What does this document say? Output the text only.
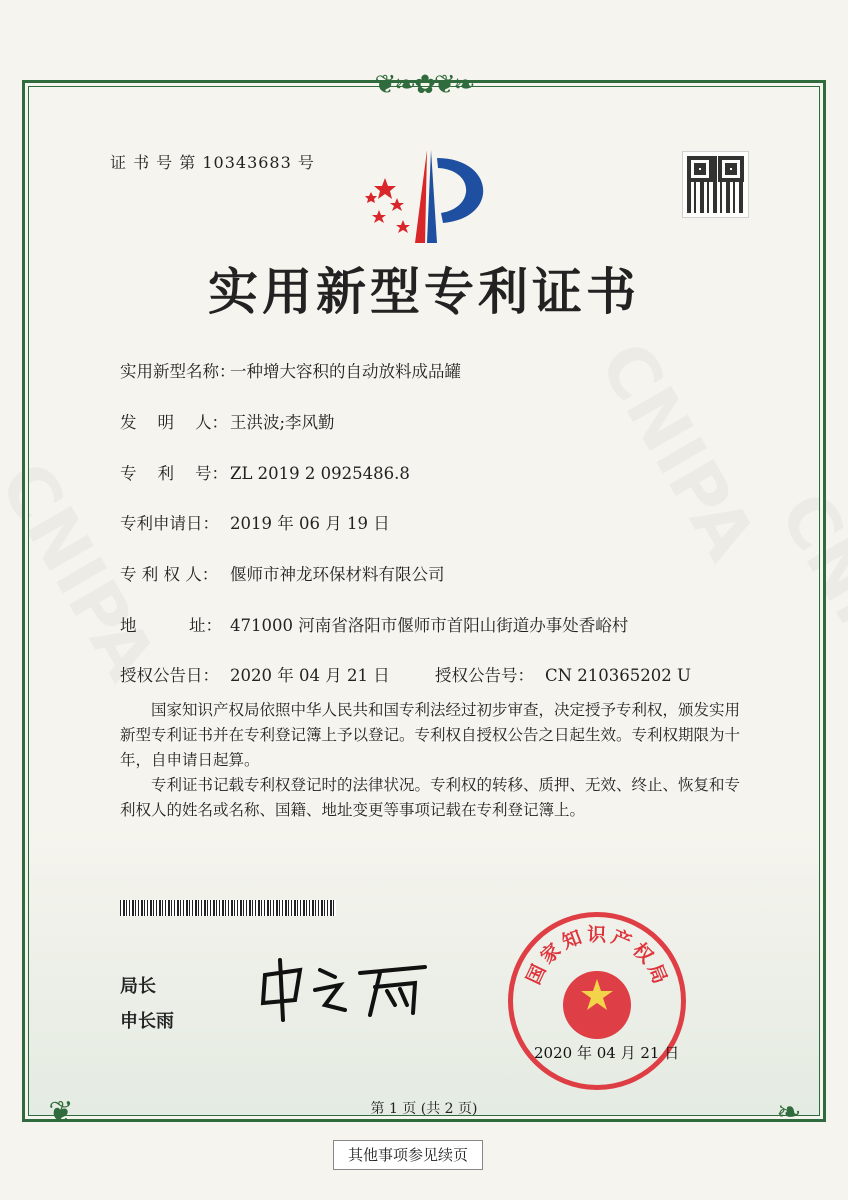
❦❧✿❦❧
❦	❧
证 书 号 第 10343683 号
实用新型专利证书
实用新型名称：一种增大容积的自动放料成品罐
发    明    人： 王洪波;李风勤
专    利    号： ZL 2019 2 0925486.8
专利申请日： 2019 年 06 月 19 日
专 利 权 人： 偃师市神龙环保材料有限公司
地          址： 471000 河南省洛阳市偃师市首阳山街道办事处香峪村
授权公告日： 2020 年 04 月 21 日	授权公告号： CN 210365202 U
国家知识产权局依照中华人民共和国专利法经过初步审查，决定授予专利权，颁发实用新型专利证书并在专利登记簿上予以登记。专利权自授权公告之日起生效。专利权期限为十年，自申请日起算。
专利证书记载专利权登记时的法律状况。专利权的转移、质押、无效、终止、恢复和专利权人的姓名或名称、国籍、地址变更等事项记载在专利登记簿上。
局长
申长雨
国家知识产权局
2020 年 04 月 21 日
第 1 页 (共 2 页)
其他事项参见续页
